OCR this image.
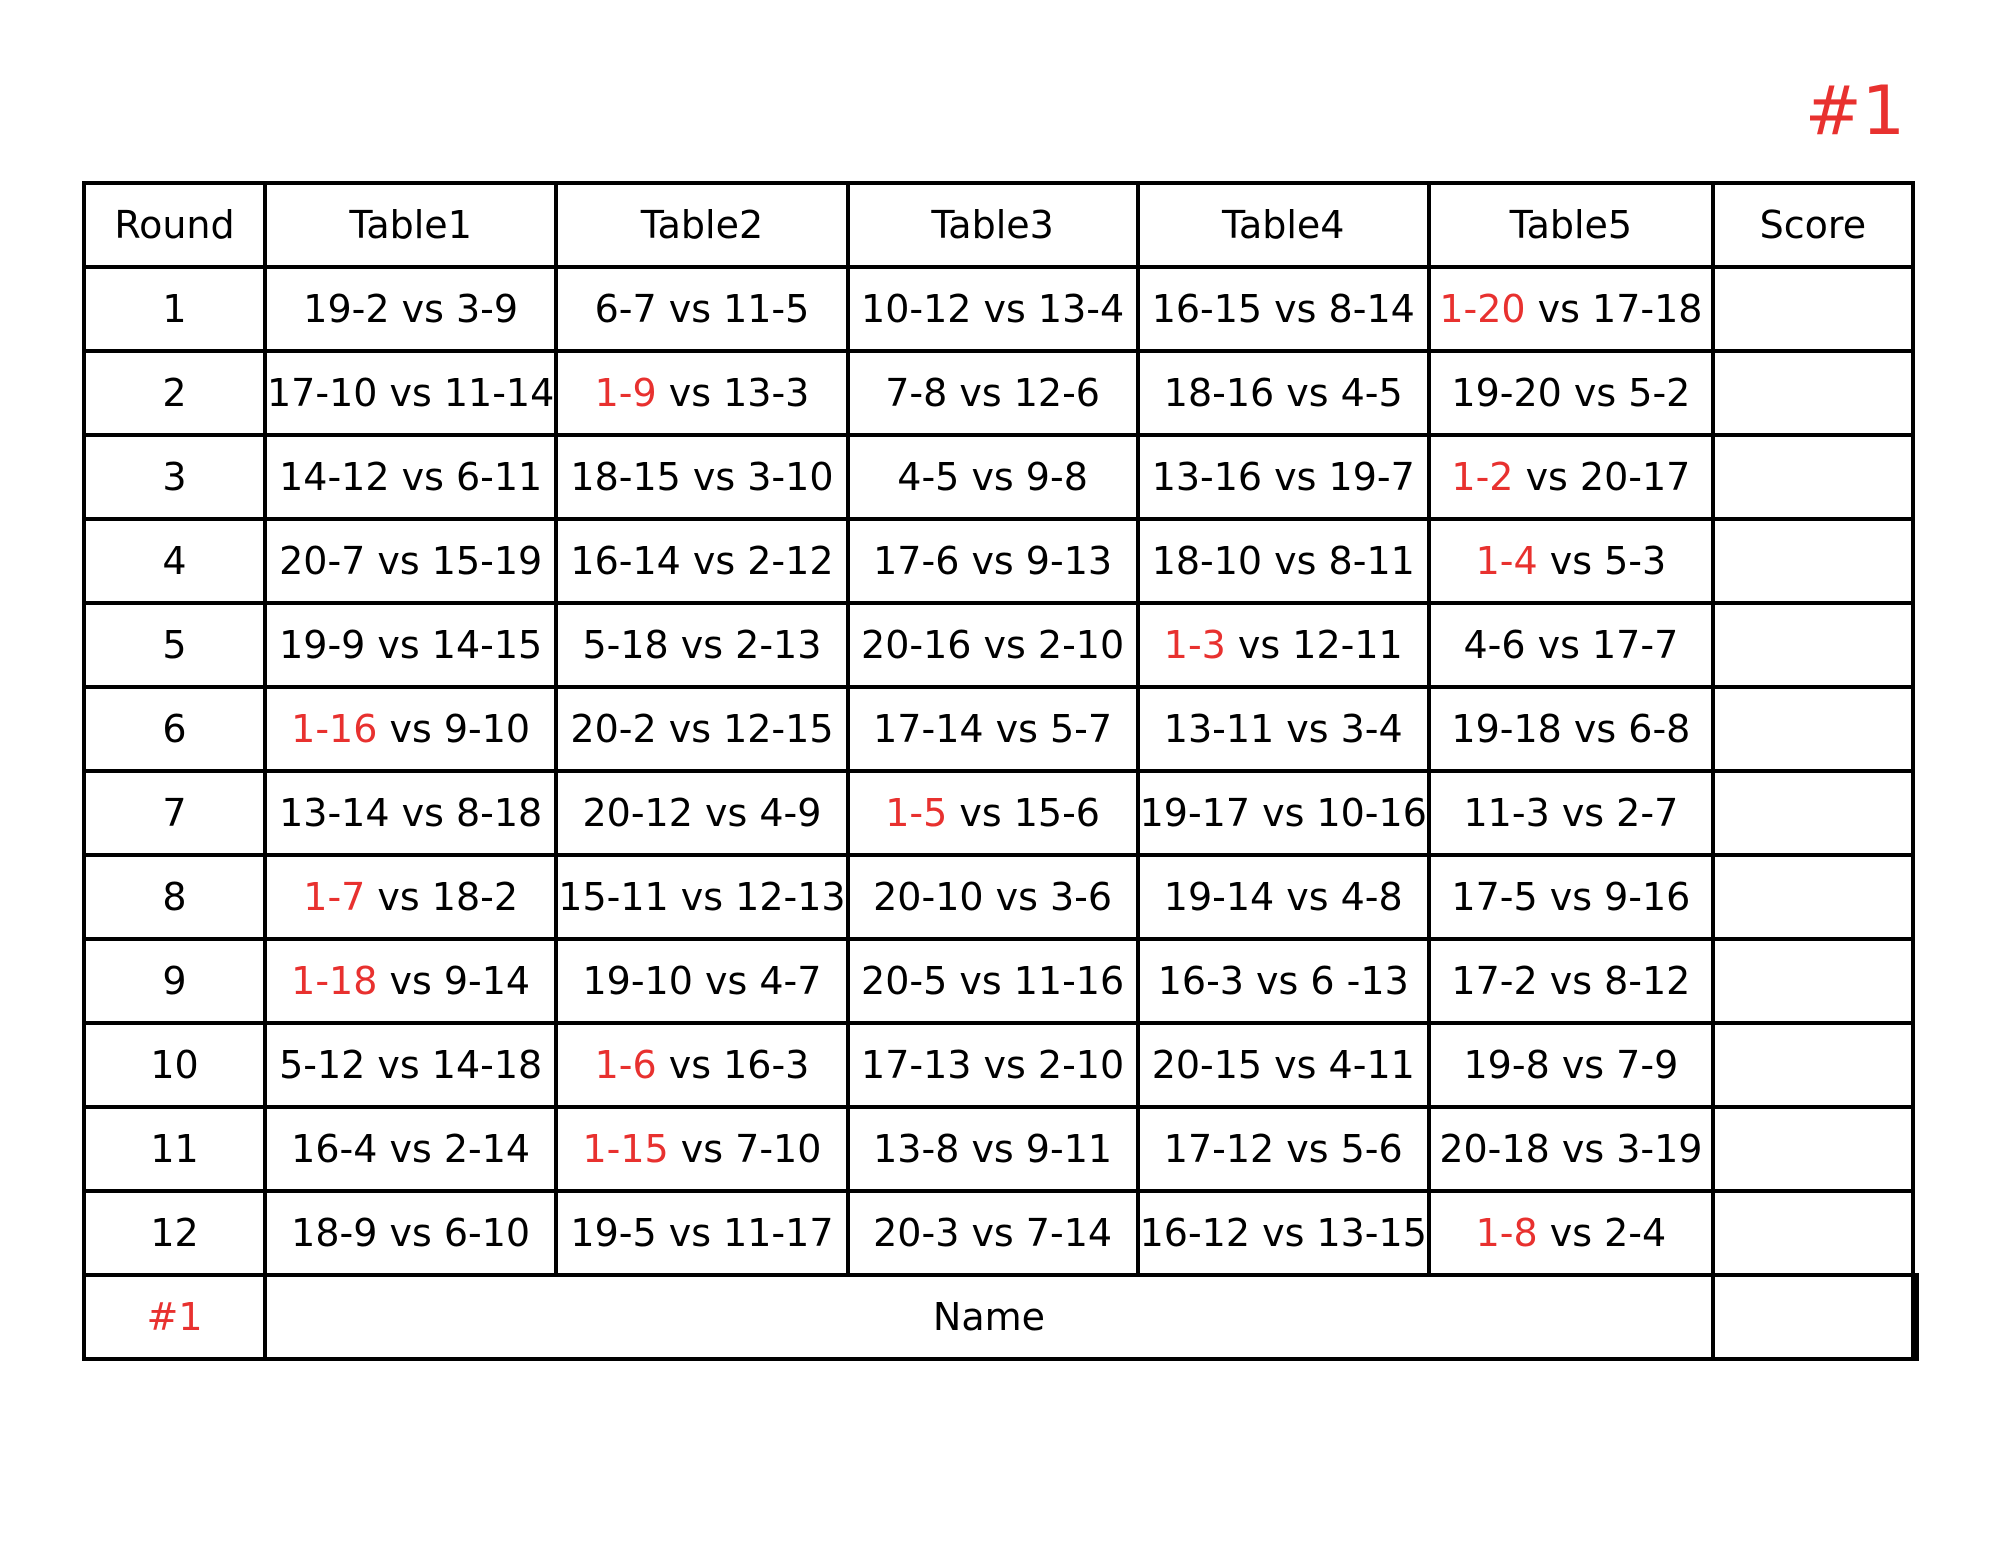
#1
Round	Table1	Table2	Table3	Table4	Table5	Score	
1	19-2 vs 3-9	6-7 vs 11-5	10-12 vs 13-4	16-15 vs 8-14	1-20 vs 17-18		
2	17-10 vs 11-14	1-9 vs 13-3	7-8 vs 12-6	18-16 vs 4-5	19-20 vs 5-2		
3	14-12 vs 6-11	18-15 vs 3-10	4-5 vs 9-8	13-16 vs 19-7	1-2 vs 20-17		
4	20-7 vs 15-19	16-14 vs 2-12	17-6 vs 9-13	18-10 vs 8-11	1-4 vs 5-3		
5	19-9 vs 14-15	5-18 vs 2-13	20-16 vs 2-10	1-3 vs 12-11	4-6 vs 17-7		
6	1-16 vs 9-10	20-2 vs 12-15	17-14 vs 5-7	13-11 vs 3-4	19-18 vs 6-8		
7	13-14 vs 8-18	20-12 vs 4-9	1-5 vs 15-6	19-17 vs 10-16	11-3 vs 2-7		
8	1-7 vs 18-2	15-11 vs 12-13	20-10 vs 3-6	19-14 vs 4-8	17-5 vs 9-16		
9	1-18 vs 9-14	19-10 vs 4-7	20-5 vs 11-16	16-3 vs 6 -13	17-2 vs 8-12		
10	5-12 vs 14-18	1-6 vs 16-3	17-13 vs 2-10	20-15 vs 4-11	19-8 vs 7-9		
11	16-4 vs 2-14	1-15 vs 7-10	13-8 vs 9-11	17-12 vs 5-6	20-18 vs 3-19		
12	18-9 vs 6-10	19-5 vs 11-17	20-3 vs 7-14	16-12 vs 13-15	1-8 vs 2-4		
#1	Name						
